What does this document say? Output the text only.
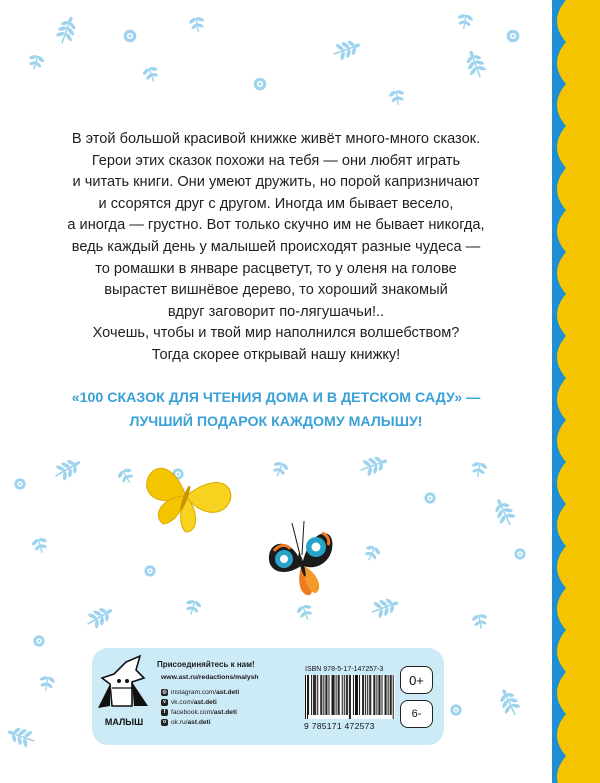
В этой большой красивой книжке живёт много-много сказок.
Герои этих сказок похожи на тебя — они любят играть
и читать книги. Они умеют дружить, но порой капризничают
и ссорятся друг с другом. Иногда им бывает весело,
а иногда — грустно. Вот только скучно им не бывает никогда,
ведь каждый день у малышей происходят разные чудеса —
то ромашки в январе расцветут, то у оленя на голове
вырастет вишнёвое дерево, то хороший знакомый
вдруг заговорит по-лягушачьи!..
Хочешь, чтобы и твой мир наполнился волшебством?
Тогда скорее открывай нашу книжку!
«100 СКАЗОК ДЛЯ ЧТЕНИЯ ДОМА И В ДЕТСКОМ САДУ» —
ЛУЧШИЙ ПОДАРОК КАЖДОМУ МАЛЫШУ!
МАЛЫШ
Присоединяйтесь к нам!
www.ast.ru/redactions/malysh
◎ instagram.com/ ast.deti
v vk.com/ ast.deti
f facebook.com/ ast.deti
о ok.ru/ ast.deti
ISBN 978-5-17-147257-3
9 785171 472573
0+
6-
